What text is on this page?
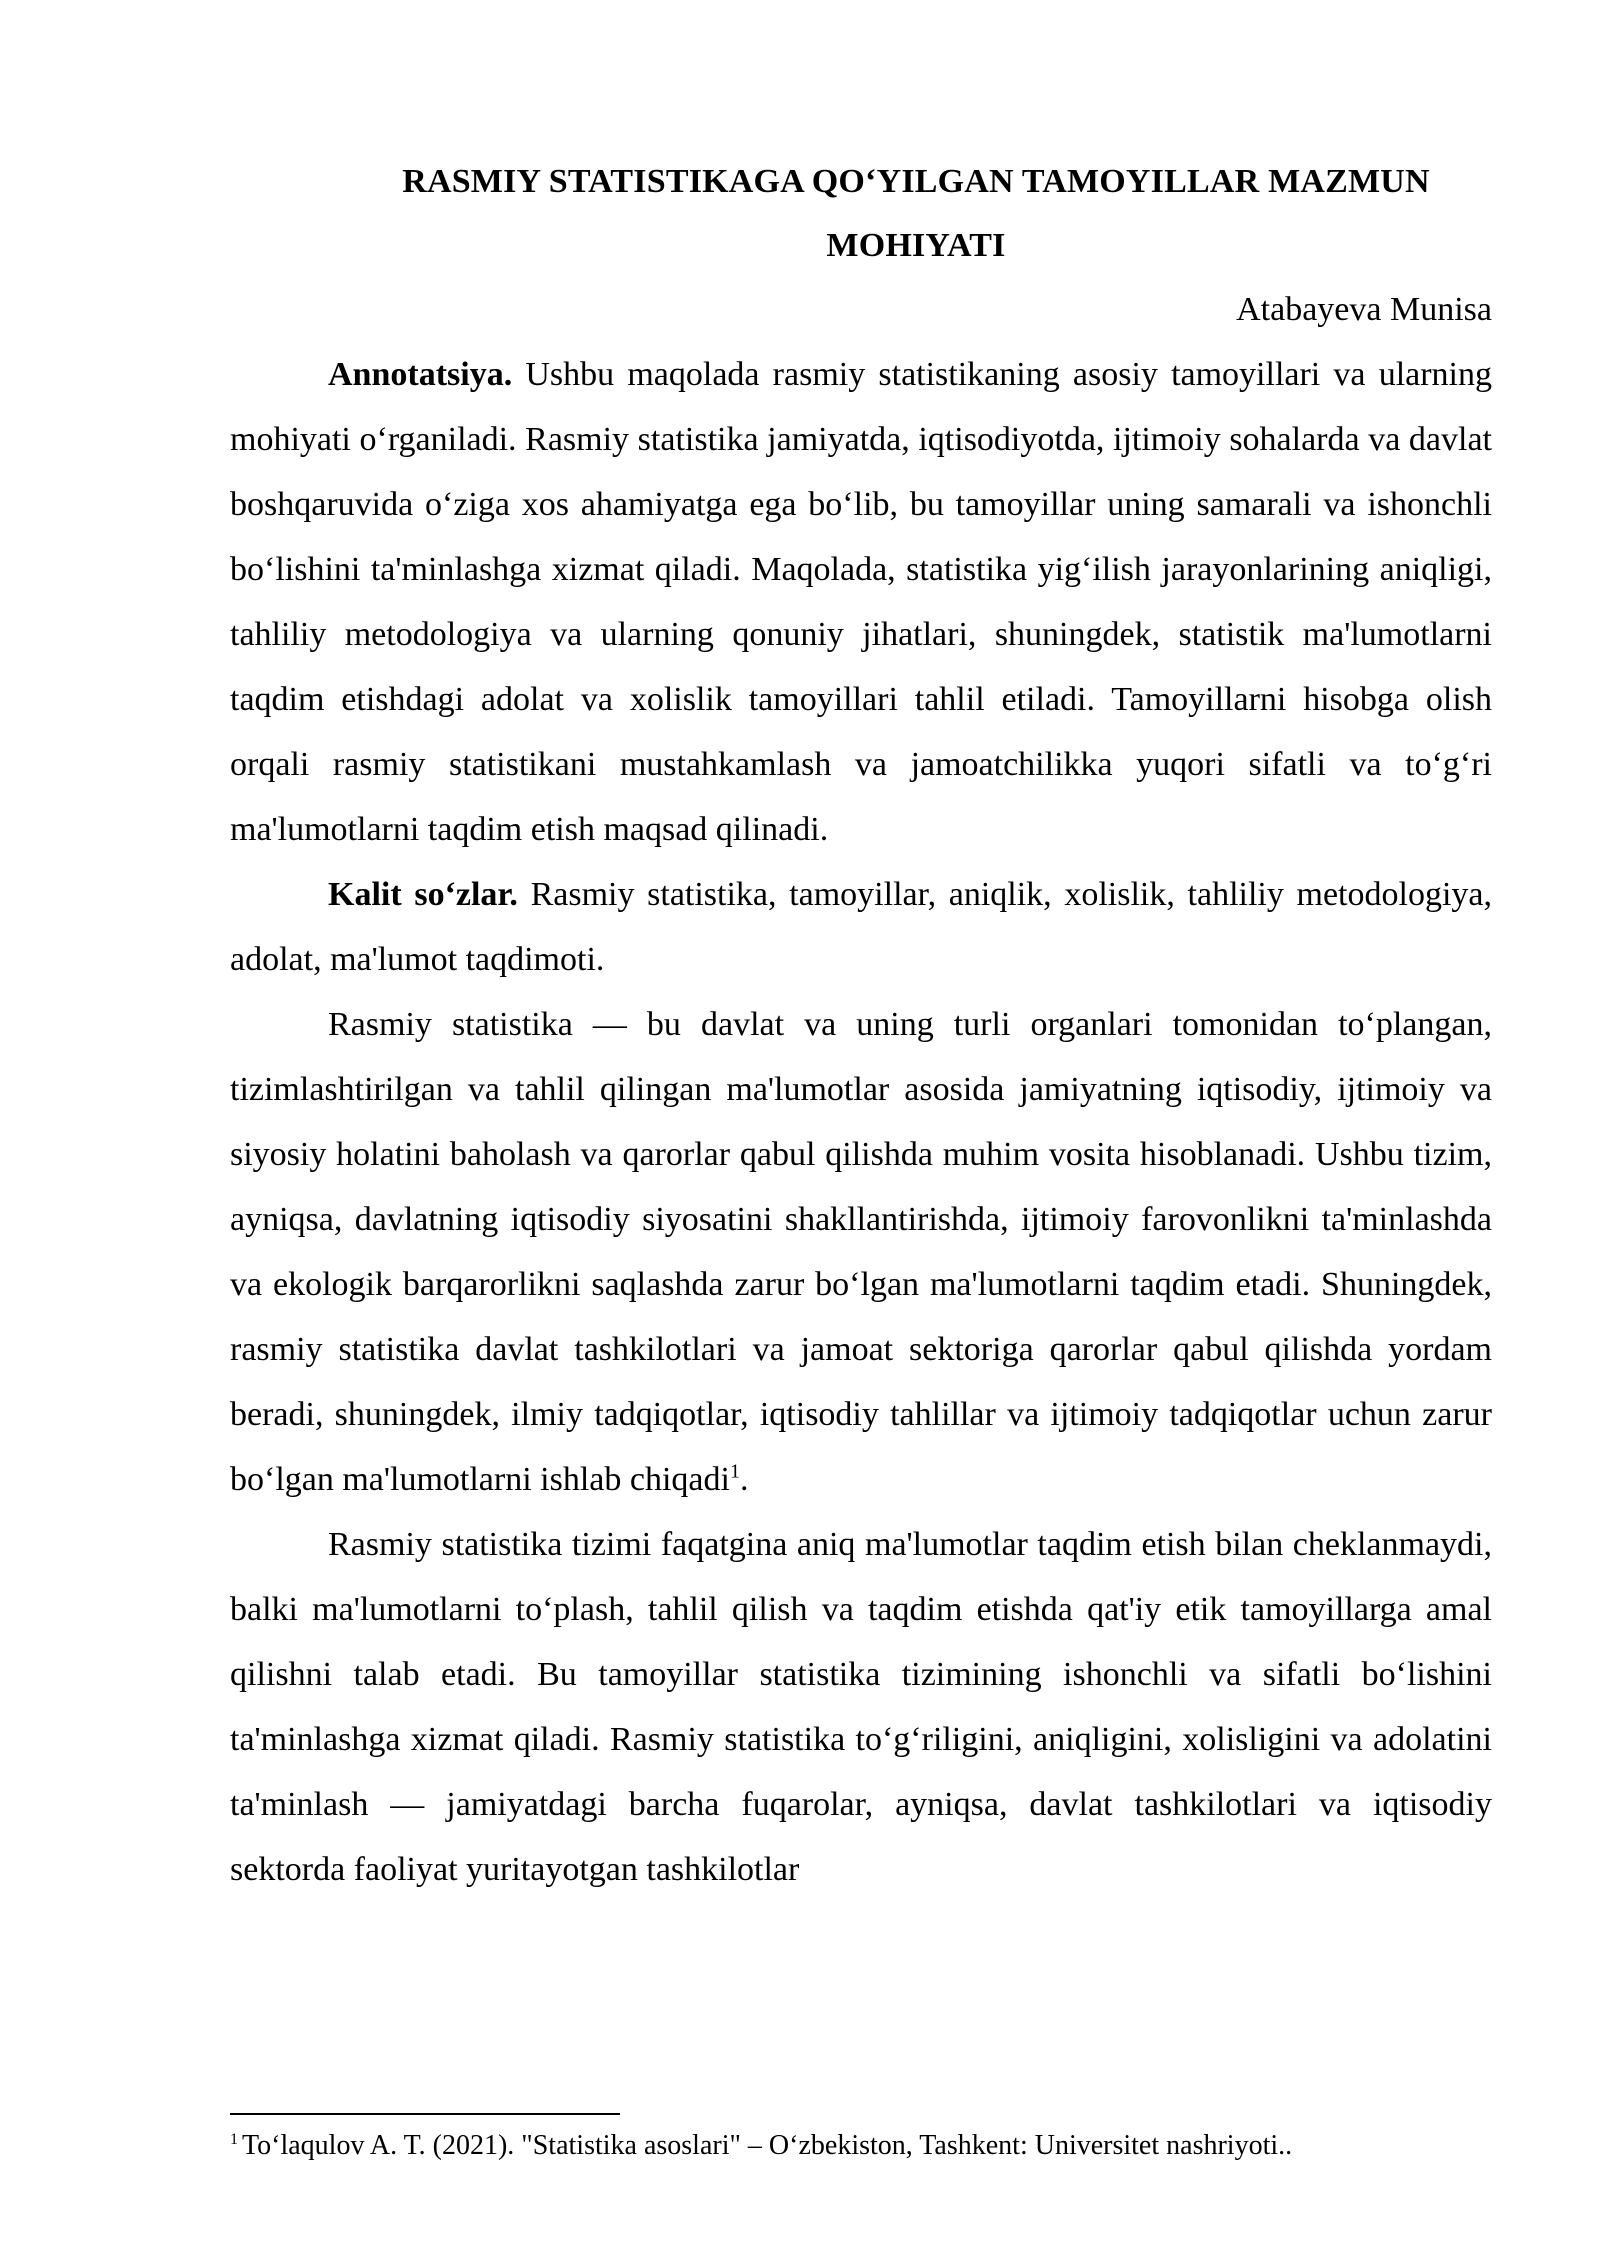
RASMIY STATISTIKAGA QO‘YILGAN TAMOYILLAR MAZMUN MOHIYATI

Atabayeva Munisa

Annotatsiya. Ushbu maqolada rasmiy statistikaning asosiy tamoyillari va ularning mohiyati o‘rganiladi. Rasmiy statistika jamiyatda, iqtisodiyotda, ijtimoiy sohalarda va davlat boshqaruvida o‘ziga xos ahamiyatga ega bo‘lib, bu tamoyillar uning samarali va ishonchli bo‘lishini ta'minlashga xizmat qiladi. Maqolada, statistika yig‘ilish jarayonlarining aniqligi, tahliliy metodologiya va ularning qonuniy jihatlari, shuningdek, statistik ma'lumotlarni taqdim etishdagi adolat va xolislik tamoyillari tahlil etiladi. Tamoyillarni hisobga olish orqali rasmiy statistikani mustahkamlash va jamoatchilikka yuqori sifatli va to‘g‘ri ma'lumotlarni taqdim etish maqsad qilinadi.

Kalit so‘zlar. Rasmiy statistika, tamoyillar, aniqlik, xolislik, tahliliy metodologiya, adolat, ma'lumot taqdimoti.

Rasmiy statistika — bu davlat va uning turli organlari tomonidan to‘plangan, tizimlashtirilgan va tahlil qilingan ma'lumotlar asosida jamiyatning iqtisodiy, ijtimoiy va siyosiy holatini baholash va qarorlar qabul qilishda muhim vosita hisoblanadi. Ushbu tizim, ayniqsa, davlatning iqtisodiy siyosatini shakllantirishda, ijtimoiy farovonlikni ta'minlashda va ekologik barqarorlikni saqlashda zarur bo‘lgan ma'lumotlarni taqdim etadi. Shuningdek, rasmiy statistika davlat tashkilotlari va jamoat sektoriga qarorlar qabul qilishda yordam beradi, shuningdek, ilmiy tadqiqotlar, iqtisodiy tahlillar va ijtimoiy tadqiqotlar uchun zarur bo‘lgan ma'lumotlarni ishlab chiqadi$^1$.

Rasmiy statistika tizimi faqatgina aniq ma'lumotlar taqdim etish bilan cheklanmaydi, balki ma'lumotlarni to‘plash, tahlil qilish va taqdim etishda qat'iy etik tamoyillarga amal qilishni talab etadi. Bu tamoyillar statistika tizimining ishonchli va sifatli bo‘lishini ta'minlashga xizmat qiladi. Rasmiy statistika to‘g‘riligini, aniqligini, xolisligini va adolatini ta'minlash — jamiyatdagi barcha fuqarolar, ayniqsa, davlat tashkilotlari va iqtisodiy sektorda faoliyat yuritayotgan tashkilotlar

$^1$ To‘laqulov A. T. (2021). "Statistika asoslari" – O‘zbekiston, Tashkent: Universitet nashriyoti..
